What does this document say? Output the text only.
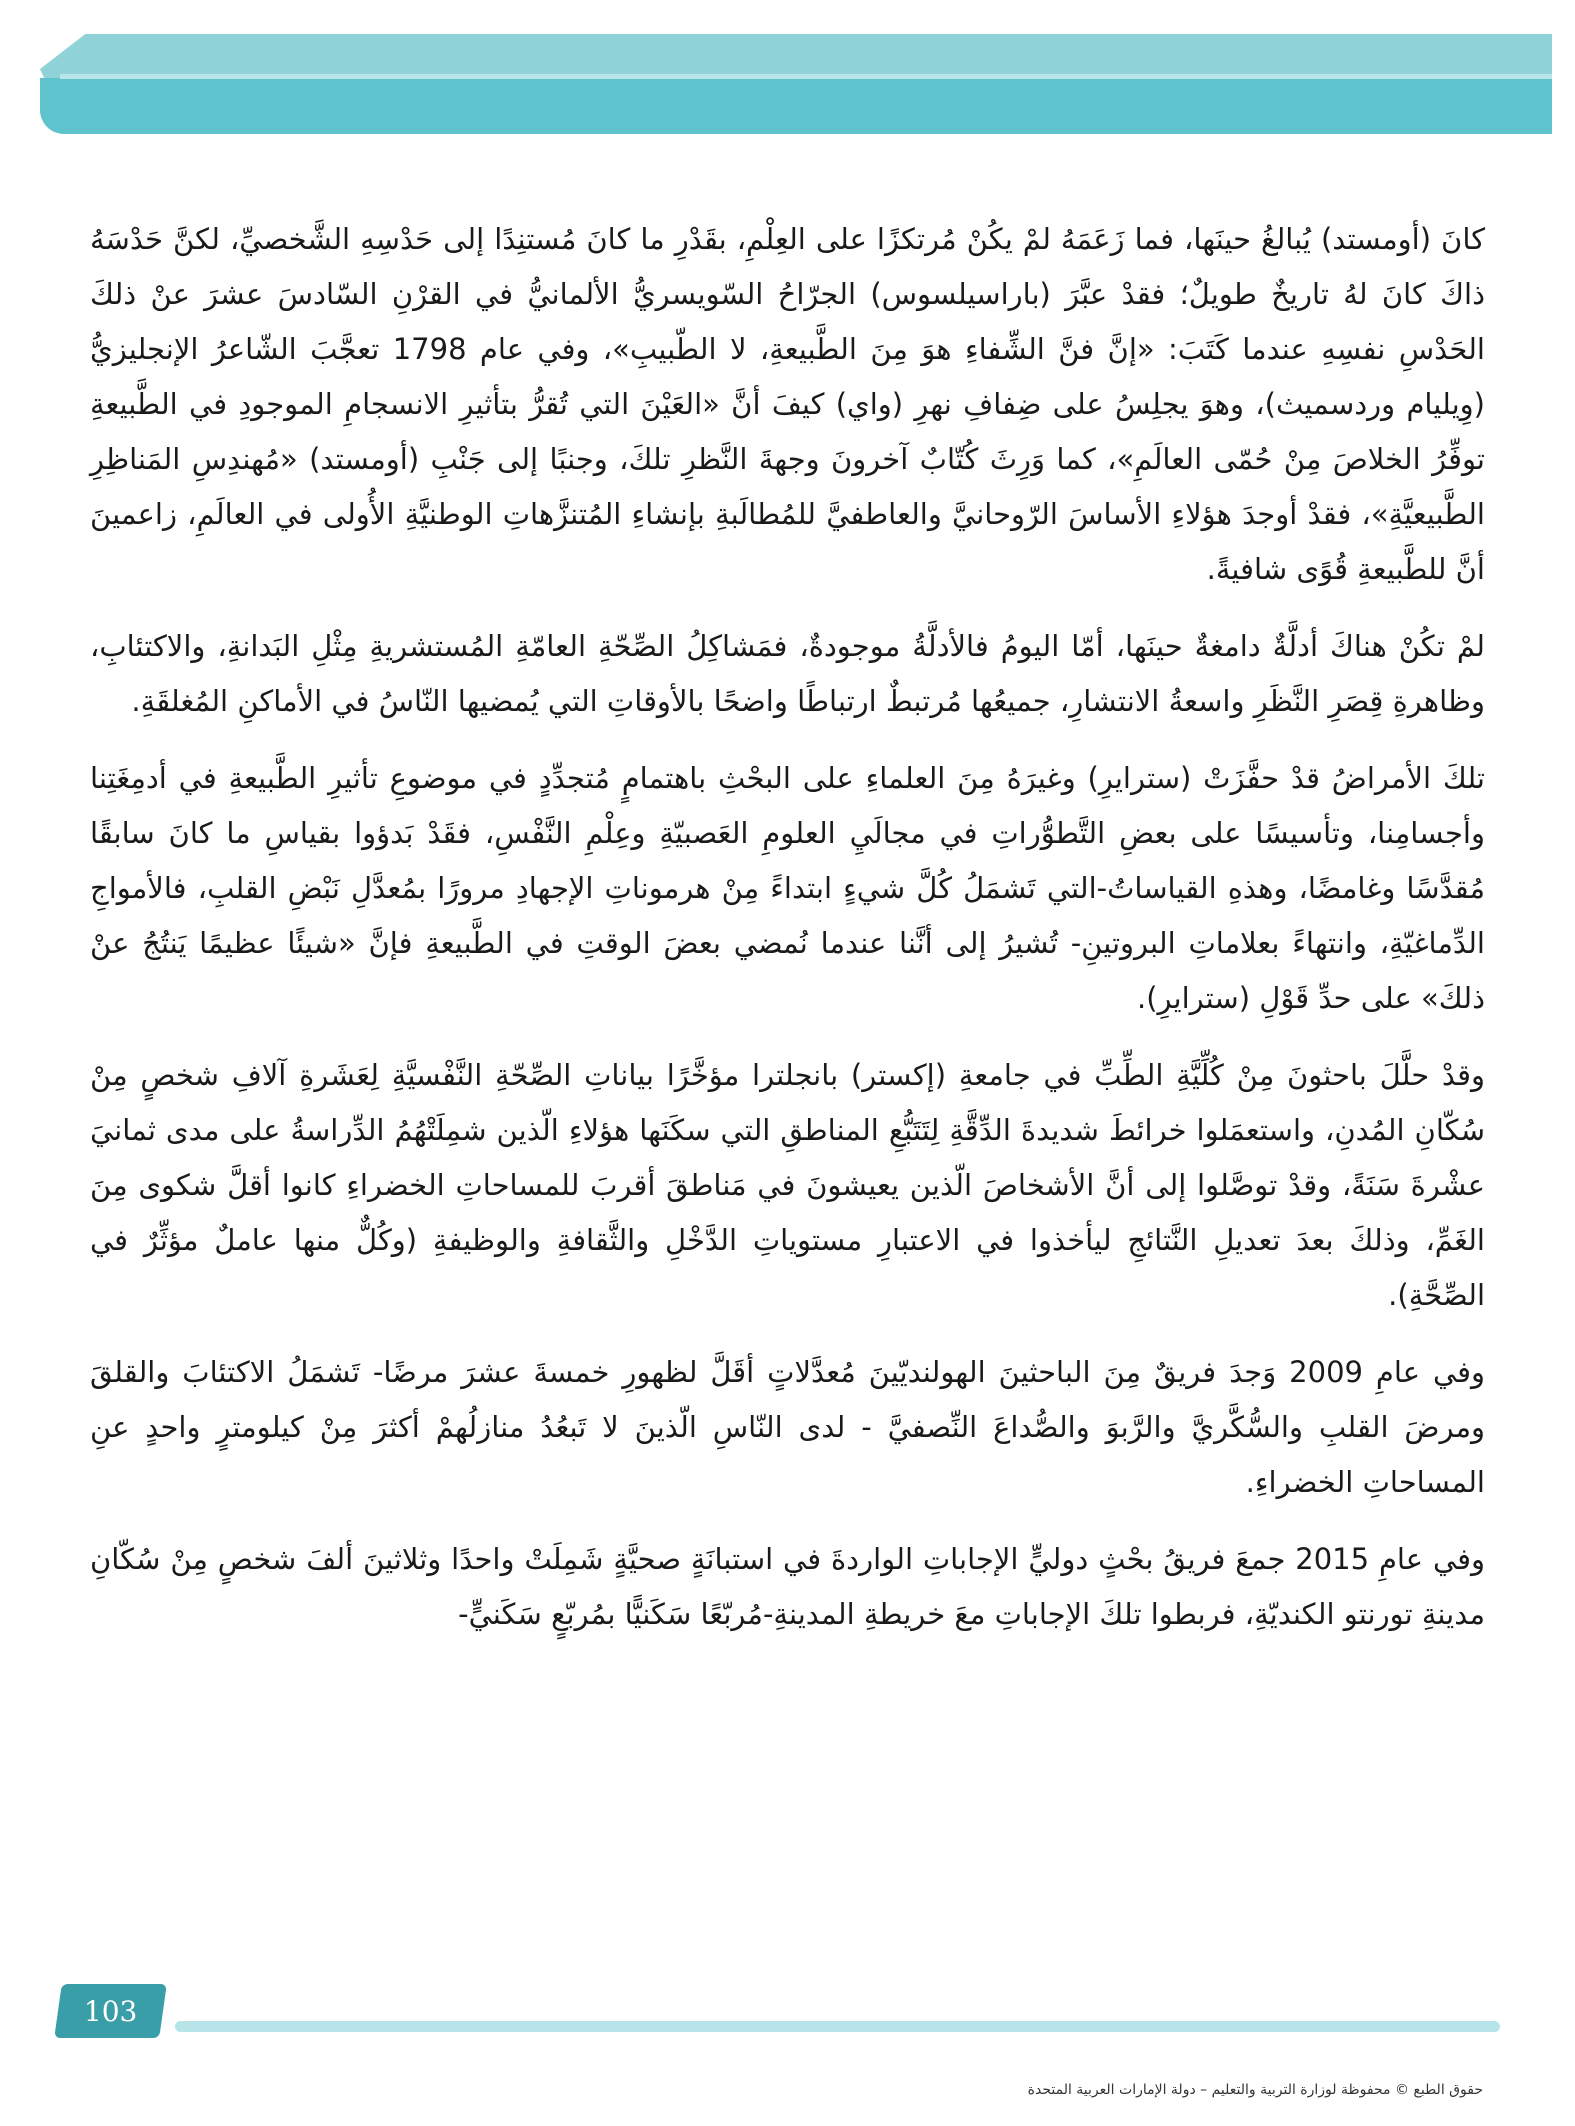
كانَ (أومستد) يُبالغُ حينَها، فما زَعَمَهُ لمْ يكُنْ مُرتكزًا على العِلْمِ، بقَدْرِ ما كانَ مُستنِدًا إلى حَدْسِهِ الشَّخصيِّ، لكنَّ حَدْسَهُ ذاكَ كانَ لهُ تاريخٌ طويلٌ؛ فقدْ عبَّرَ (باراسيلسوس) الجرّاحُ السّويسريُّ الألمانيُّ في القرْنِ السّادسَ عشرَ عنْ ذلكَ الحَدْسِ نفسِهِ عندما كَتَبَ: «إنَّ فنَّ الشِّفاءِ هوَ مِنَ الطَّبيعةِ، لا الطّبيبِ»، وفي عام 1798 تعجَّبَ الشّاعرُ الإنجليزيُّ (وِيليام وردسميث)، وهوَ يجلِسُ على ضِفافِ نهرِ (واي) كيفَ أنَّ «العَيْنَ التي تُقرُّ بتأثيرِ الانسجامِ الموجودِ في الطَّبيعةِ توفِّرُ الخلاصَ مِنْ حُمّى العالَمِ»، كما وَرِثَ كُتّابٌ آخرونَ وجهةَ النَّظرِ تلكَ، وجنبًا إلى جَنْبِ (أومستد) «مُهندِسِ المَناظِرِ الطَّبيعيَّةِ»، فقدْ أوجدَ هؤلاءِ الأساسَ الرّوحانيَّ والعاطفيَّ للمُطالَبةِ بإنشاءِ المُتنزَّهاتِ الوطنيَّةِ الأُولى في العالَمِ، زاعمينَ أنَّ للطَّبيعةِ قُوًى شافيةً.

لمْ تكُنْ هناكَ أدلَّةٌ دامغةٌ حينَها، أمّا اليومُ فالأدلَّةُ موجودةٌ، فمَشاكِلُ الصِّحّةِ العامّةِ المُستشريةِ مِثْلِ البَدانةِ، والاكتئابِ، وظاهرةِ قِصَرِ النَّظَرِ واسعةُ الانتشارِ، جميعُها مُرتبطٌ ارتباطًا واضحًا بالأوقاتِ التي يُمضيها النّاسُ في الأماكنِ المُغلقَةِ.

تلكَ الأمراضُ قدْ حفَّزَتْ (سترايرِ) وغيرَهُ مِنَ العلماءِ على البحْثِ باهتمامٍ مُتجدِّدٍ في موضوعِ تأثيرِ الطَّبيعةِ في أدمِغَتِنا وأجسامِنا، وتأسيسًا على بعضِ التَّطوُّراتِ في مجالَيِ العلومِ العَصبيّةِ وعِلْمِ النَّفْسِ، فقَدْ بَدؤوا بقياسِ ما كانَ سابقًا مُقدَّسًا وغامضًا، وهذهِ القياساتُ-التي تَشمَلُ كُلَّ شيءٍ ابتداءً مِنْ هرموناتِ الإجهادِ مرورًا بمُعدَّلِ نَبْضِ القلبِ، فالأمواجِ الدِّماغيّةِ، وانتهاءً بعلاماتِ البروتينِ- تُشيرُ إلى أنَّنا عندما نُمضي بعضَ الوقتِ في الطَّبيعةِ فإنَّ «شيئًا عظيمًا يَنتُجُ عنْ ذلكَ» على حدِّ قَوْلِ (سترايرِ).

وقدْ حلَّلَ باحثونَ مِنْ كُلِّيَّةِ الطِّبِّ في جامعةِ (إكستر) بانجلترا مؤخَّرًا بياناتِ الصِّحّةِ النَّفْسيَّةِ لِعَشَرةِ آلافِ شخصٍ مِنْ سُكّانِ المُدنِ، واستعمَلوا خرائطَ شديدةَ الدِّقَّةِ لِتَتَبُّعِ المناطقِ التي سكَنَها هؤلاءِ الّذين شمِلَتْهُمُ الدِّراسةُ على مدى ثمانيَ عشْرةَ سَنَةً، وقدْ توصَّلوا إلى أنَّ الأشخاصَ الّذين يعيشونَ في مَناطقَ أقربَ للمساحاتِ الخضراءِ كانوا أقلَّ شكوى مِنَ الغَمِّ، وذلكَ بعدَ تعديلِ النَّتائجِ ليأخذوا في الاعتبارِ مستوياتِ الدَّخْلِ والثَّقافةِ والوظيفةِ (وكُلٌّ منها عاملٌ مؤثِّرٌ في الصِّحَّةِ).

وفي عامِ 2009 وَجدَ فريقٌ مِنَ الباحثينَ الهولنديّينَ مُعدَّلاتٍ أقَلَّ لظهورِ خمسةَ عشرَ مرضًا- تَشمَلُ الاكتئابَ والقلقَ ومرضَ القلبِ والسُّكَّريَّ والرَّبوَ والصُّداعَ النِّصفيَّ - لدى النّاسِ الّذينَ لا تَبعُدُ منازلُهمْ أكثرَ مِنْ كيلومترٍ واحدٍ عنِ المساحاتِ الخضراءِ.

وفي عامِ 2015 جمعَ فريقُ بحْثٍ دوليٍّ الإجاباتِ الواردةَ في استبانَةٍ صحيَّةٍ شَمِلَتْ واحدًا وثلاثينَ ألفَ شخصٍ مِنْ سُكّانِ مدينةِ تورنتو الكنديّةِ، فربطوا تلكَ الإجاباتِ معَ خريطةِ المدينةِ-مُربّعًا سَكَنيًّا بمُربّعٍ سَكَنيٍّ-

103
حقوق الطبع © محفوظة لوزارة التربية والتعليم – دولة الإمارات العربية المتحدة
